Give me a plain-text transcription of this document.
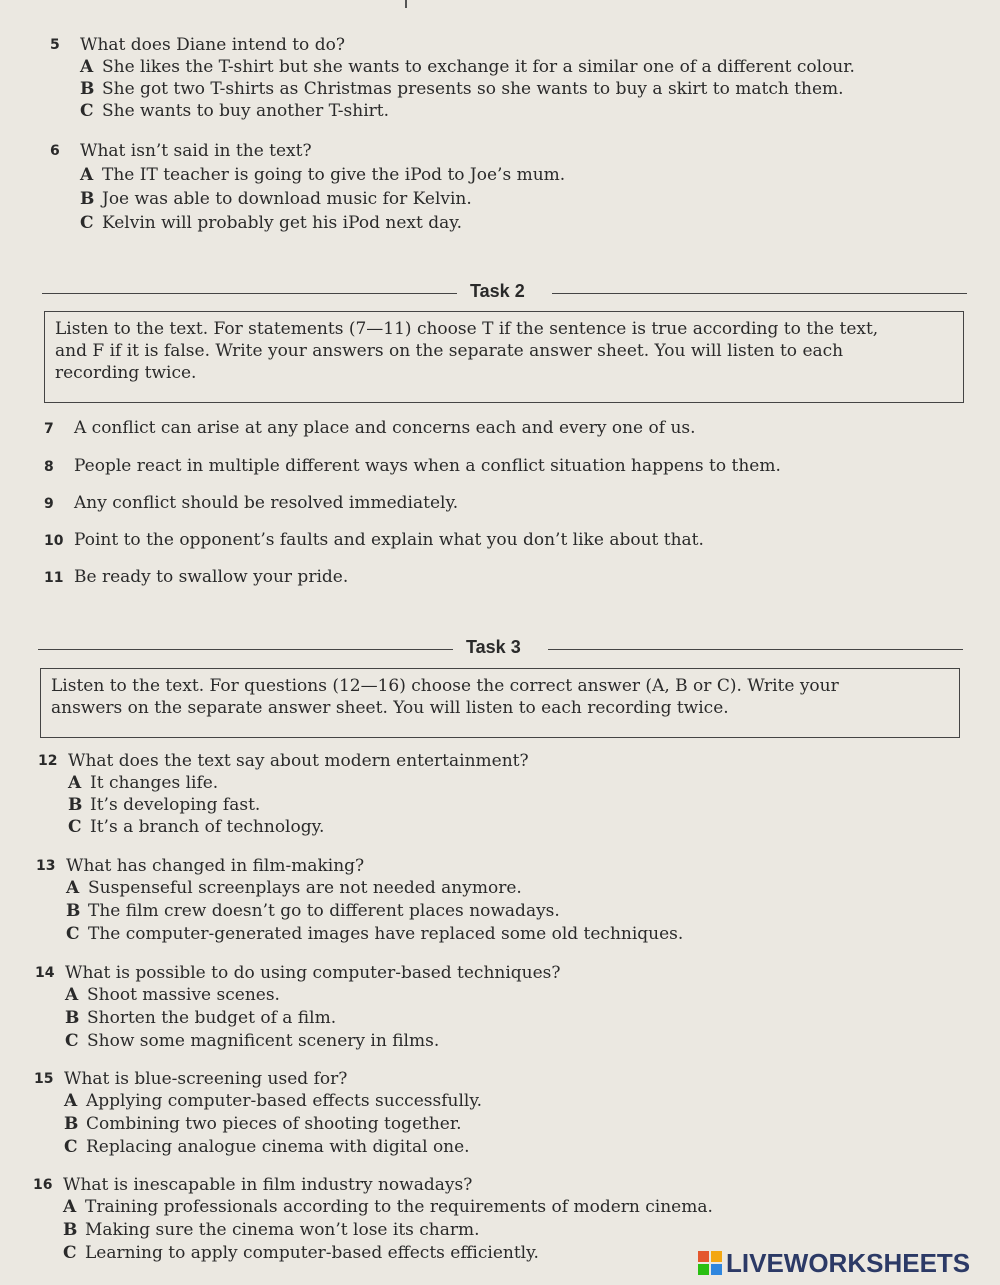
5 What does Diane intend to do?
A She likes the T-shirt but she wants to exchange it for a similar one of a different colour.
B She got two T-shirts as Christmas presents so she wants to buy a skirt to match them.
C She wants to buy another T-shirt.
6 What isn’t said in the text?
A The IT teacher is going to give the iPod to Joe’s mum.
B Joe was able to download music for Kelvin.
C Kelvin will probably get his iPod next day.
Task 2
Listen to the text. For statements (7—11) choose T if the sentence is true according to the text,
and F if it is false. Write your answers on the separate answer sheet. You will listen to each
recording twice.
7 A conflict can arise at any place and concerns each and every one of us.
8 People react in multiple different ways when a conflict situation happens to them.
9 Any conflict should be resolved immediately.
10 Point to the opponent’s faults and explain what you don’t like about that.
11 Be ready to swallow your pride.
Task 3
Listen to the text. For questions (12—16) choose the correct answer (A, B or C). Write your
answers on the separate answer sheet. You will listen to each recording twice.
12 What does the text say about modern entertainment?
A It changes life.
B It’s developing fast.
C It’s a branch of technology.
13 What has changed in film-making?
A Suspenseful screenplays are not needed anymore.
B The film crew doesn’t go to different places nowadays.
C The computer-generated images have replaced some old techniques.
14 What is possible to do using computer-based techniques?
A Shoot massive scenes.
B Shorten the budget of a film.
C Show some magnificent scenery in films.
15 What is blue-screening used for?
A Applying computer-based effects successfully.
B Combining two pieces of shooting together.
C Replacing analogue cinema with digital one.
16 What is inescapable in film industry nowadays?
A Training professionals according to the requirements of modern cinema.
B Making sure the cinema won’t lose its charm.
C Learning to apply computer-based effects efficiently.	LIVEWORKSHEETS
